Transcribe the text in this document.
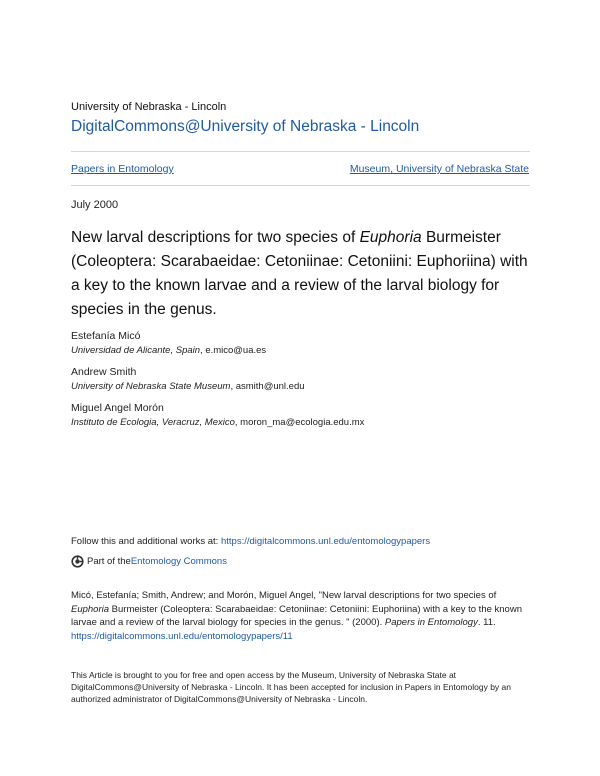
University of Nebraska - Lincoln
DigitalCommons@University of Nebraska - Lincoln
Papers in Entomology	Museum, University of Nebraska State
July 2000
New larval descriptions for two species of Euphoria Burmeister (Coleoptera: Scarabaeidae: Cetoniinae: Cetoniini: Euphoriina) with a key to the known larvae and a review of the larval biology for species in the genus.
Estefanía Micó
Universidad de Alicante, Spain, e.mico@ua.es
Andrew Smith
University of Nebraska State Museum, asmith@unl.edu
Miguel Angel Morón
Instituto de Ecologia, Veracruz, Mexico, moron_ma@ecologia.edu.mx
Follow this and additional works at: https://digitalcommons.unl.edu/entomologypapers
Part of the Entomology Commons
Micó, Estefanía; Smith, Andrew; and Morón, Miguel Angel, "New larval descriptions for two species of Euphoria Burmeister (Coleoptera: Scarabaeidae: Cetoniinae: Cetoniini: Euphoriina) with a key to the known larvae and a review of the larval biology for species in the genus. " (2000). Papers in Entomology. 11.
https://digitalcommons.unl.edu/entomologypapers/11
This Article is brought to you for free and open access by the Museum, University of Nebraska State at DigitalCommons@University of Nebraska - Lincoln. It has been accepted for inclusion in Papers in Entomology by an authorized administrator of DigitalCommons@University of Nebraska - Lincoln.
